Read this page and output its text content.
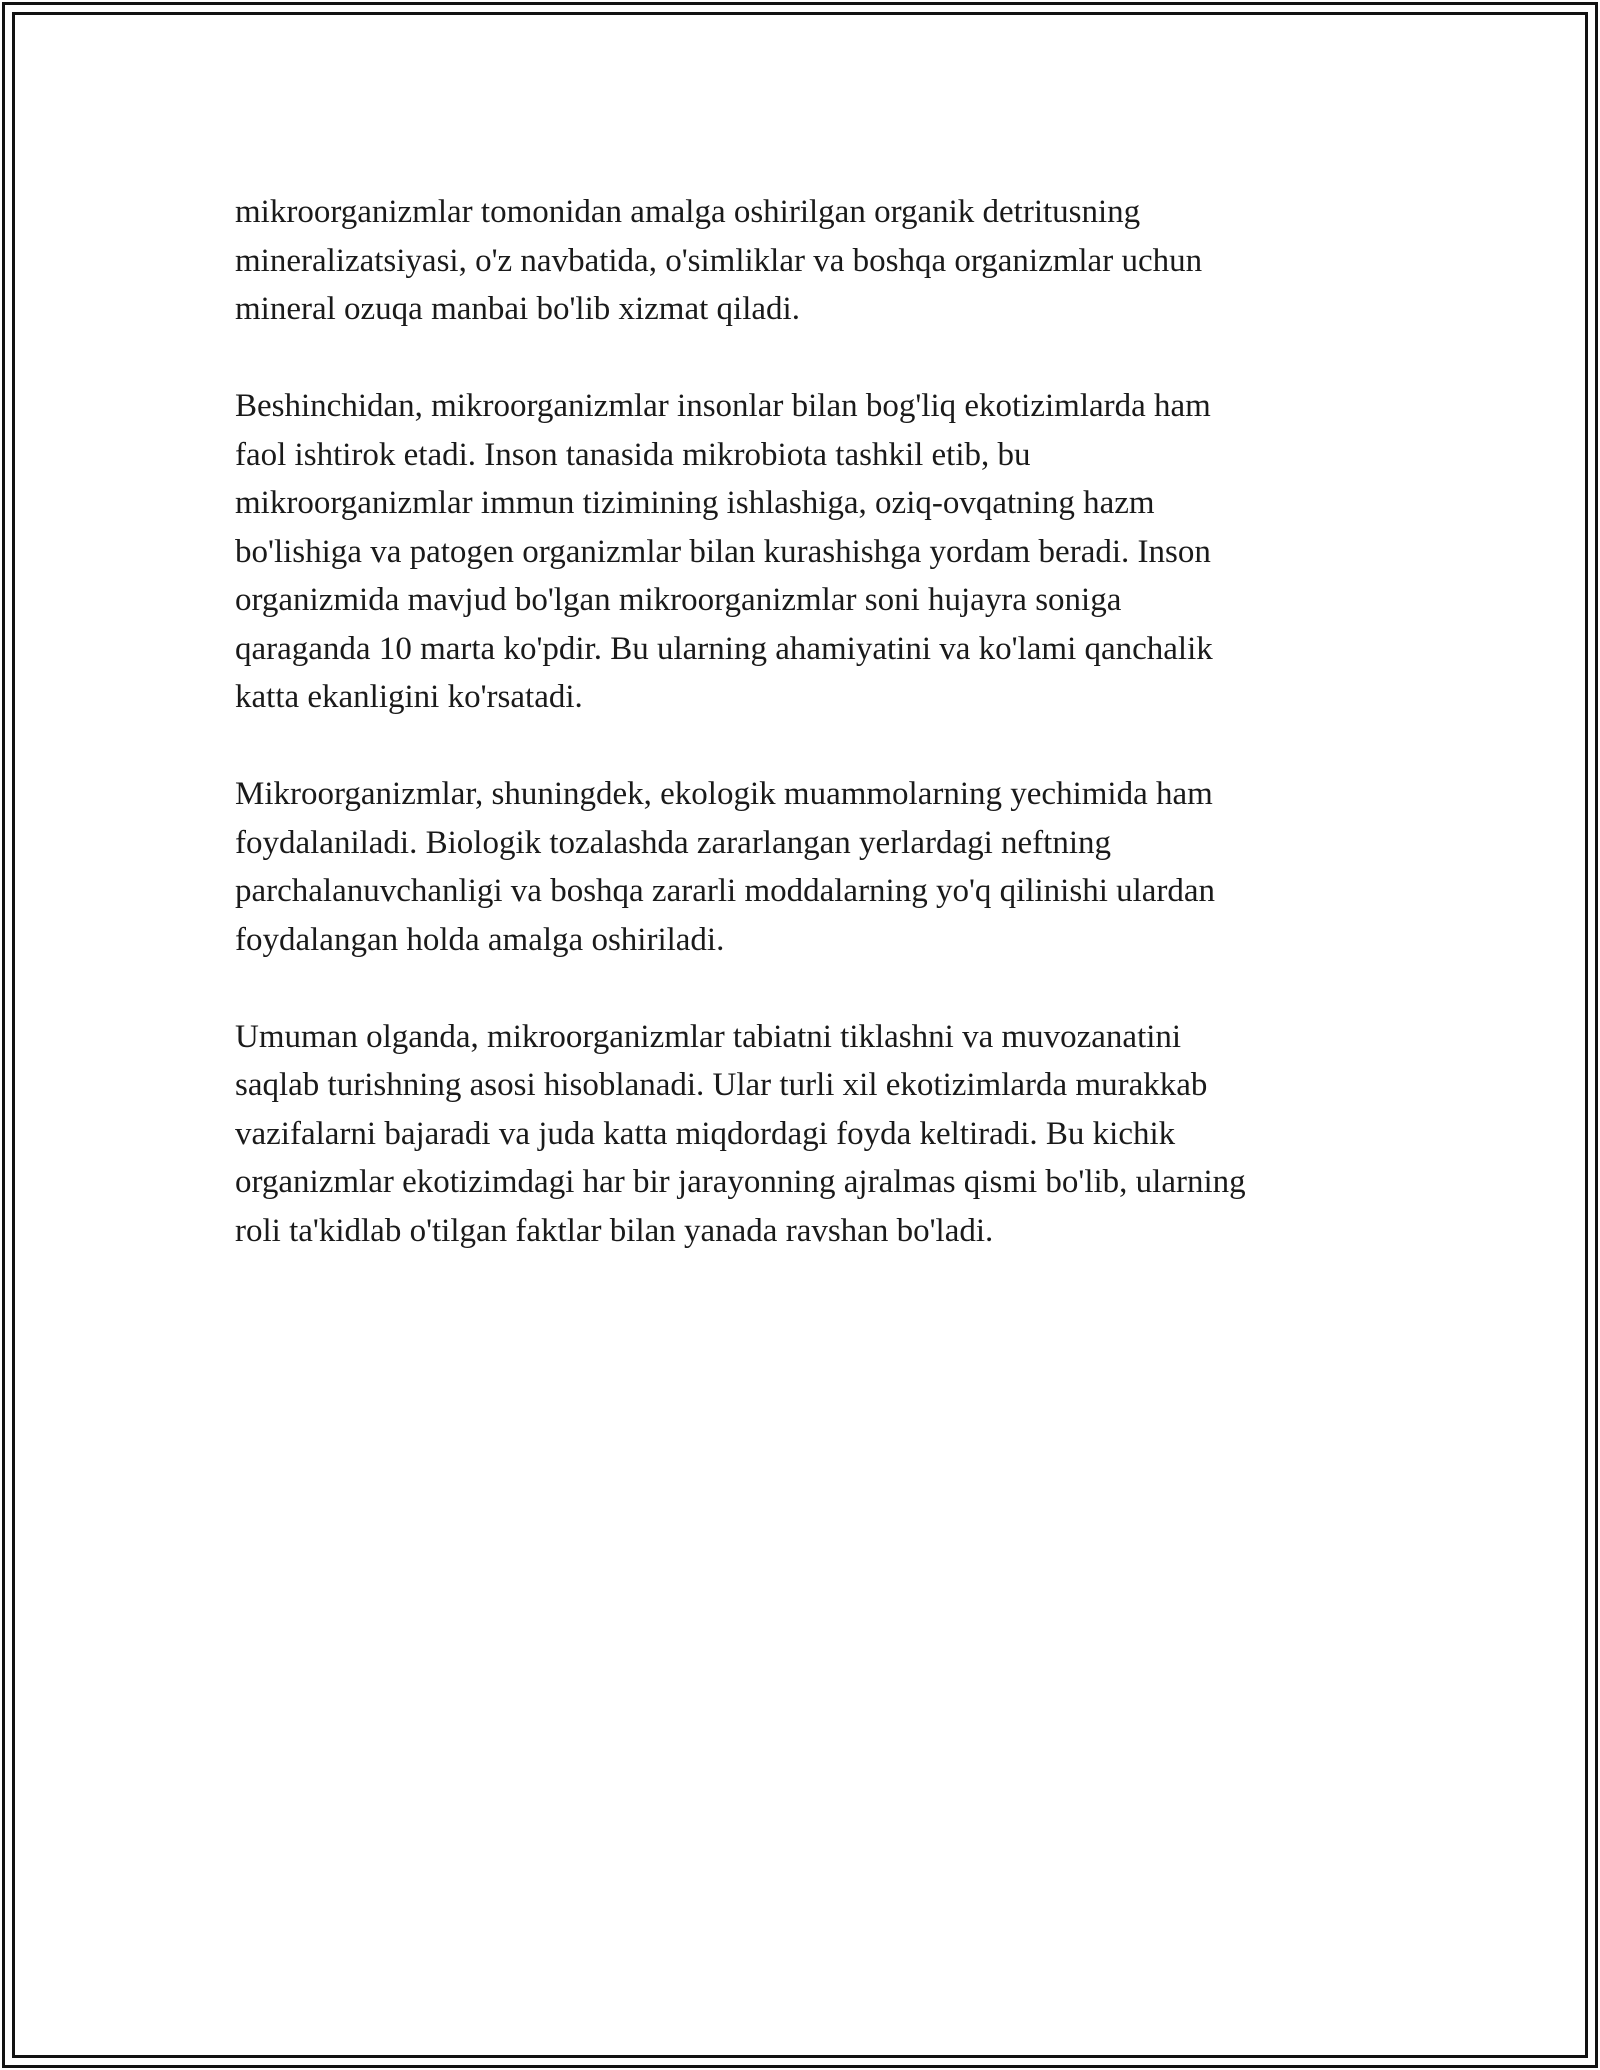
mikroorganizmlar tomonidan amalga oshirilgan organik detritusning
mineralizatsiyasi, o'z navbatida, o'simliklar va boshqa organizmlar uchun
mineral ozuqa manbai bo'lib xizmat qiladi.

Beshinchidan, mikroorganizmlar insonlar bilan bog'liq ekotizimlarda ham
faol ishtirok etadi. Inson tanasida mikrobiota tashkil etib, bu
mikroorganizmlar immun tizimining ishlashiga, oziq-ovqatning hazm
bo'lishiga va patogen organizmlar bilan kurashishga yordam beradi. Inson
organizmida mavjud bo'lgan mikroorganizmlar soni hujayra soniga
qaraganda 10 marta ko'pdir. Bu ularning ahamiyatini va ko'lami qanchalik
katta ekanligini ko'rsatadi.

Mikroorganizmlar, shuningdek, ekologik muammolarning yechimida ham
foydalaniladi. Biologik tozalashda zararlangan yerlardagi neftning
parchalanuvchanligi va boshqa zararli moddalarning yo'q qilinishi ulardan
foydalangan holda amalga oshiriladi.

Umuman olganda, mikroorganizmlar tabiatni tiklashni va muvozanatini
saqlab turishning asosi hisoblanadi. Ular turli xil ekotizimlarda murakkab
vazifalarni bajaradi va juda katta miqdordagi foyda keltiradi. Bu kichik
organizmlar ekotizimdagi har bir jarayonning ajralmas qismi bo'lib, ularning
roli ta'kidlab o'tilgan faktlar bilan yanada ravshan bo'ladi.
